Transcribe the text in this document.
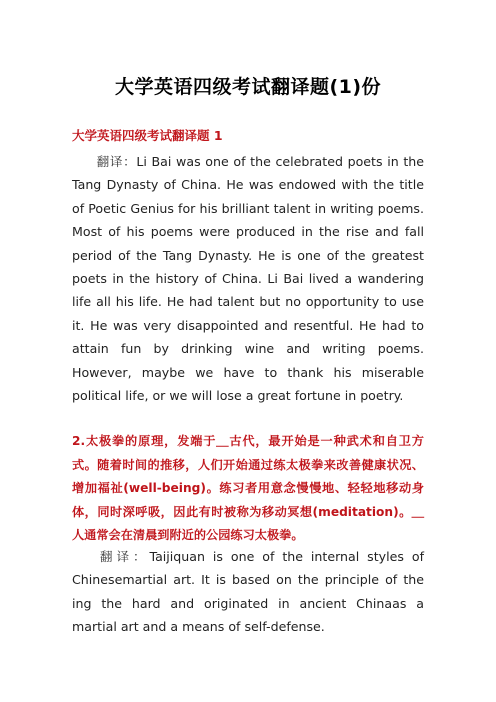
大学英语四级考试翻译题(1)份
大学英语四级考试翻译题 1
翻译：Li Bai was one of the celebrated poets in the Tang Dynasty of China. He was endowed with the title of Poetic Genius for his brilliant talent in writing poems. Most of his poems were produced in the rise and fall period of the Tang Dynasty. He is one of the greatest poets in the history of China. Li Bai lived a wandering life all his life. He had talent but no opportunity to use it. He was very disappointed and resentful. He had to attain fun by drinking wine and writing poems. However, maybe we have to thank his miserable political life, or we will lose a great fortune in poetry.
2.太极拳的原理，发端于＿古代，最开始是一种武术和自卫方式。随着时间的推移，人们开始通过练太极拳来改善健康状况、增加福祉(well-being)。练习者用意念慢慢地、轻轻地移动身体，同时深呼吸，因此有时被称为移动冥想(meditation)。＿人通常会在清晨到附近的公园练习太极拳。
翻译：Taijiquan is one of the internal styles of Chinesemartial art. It is based on the principle of the ing the hard and originated in ancient Chinaas a martial art and a means of self-defense.
